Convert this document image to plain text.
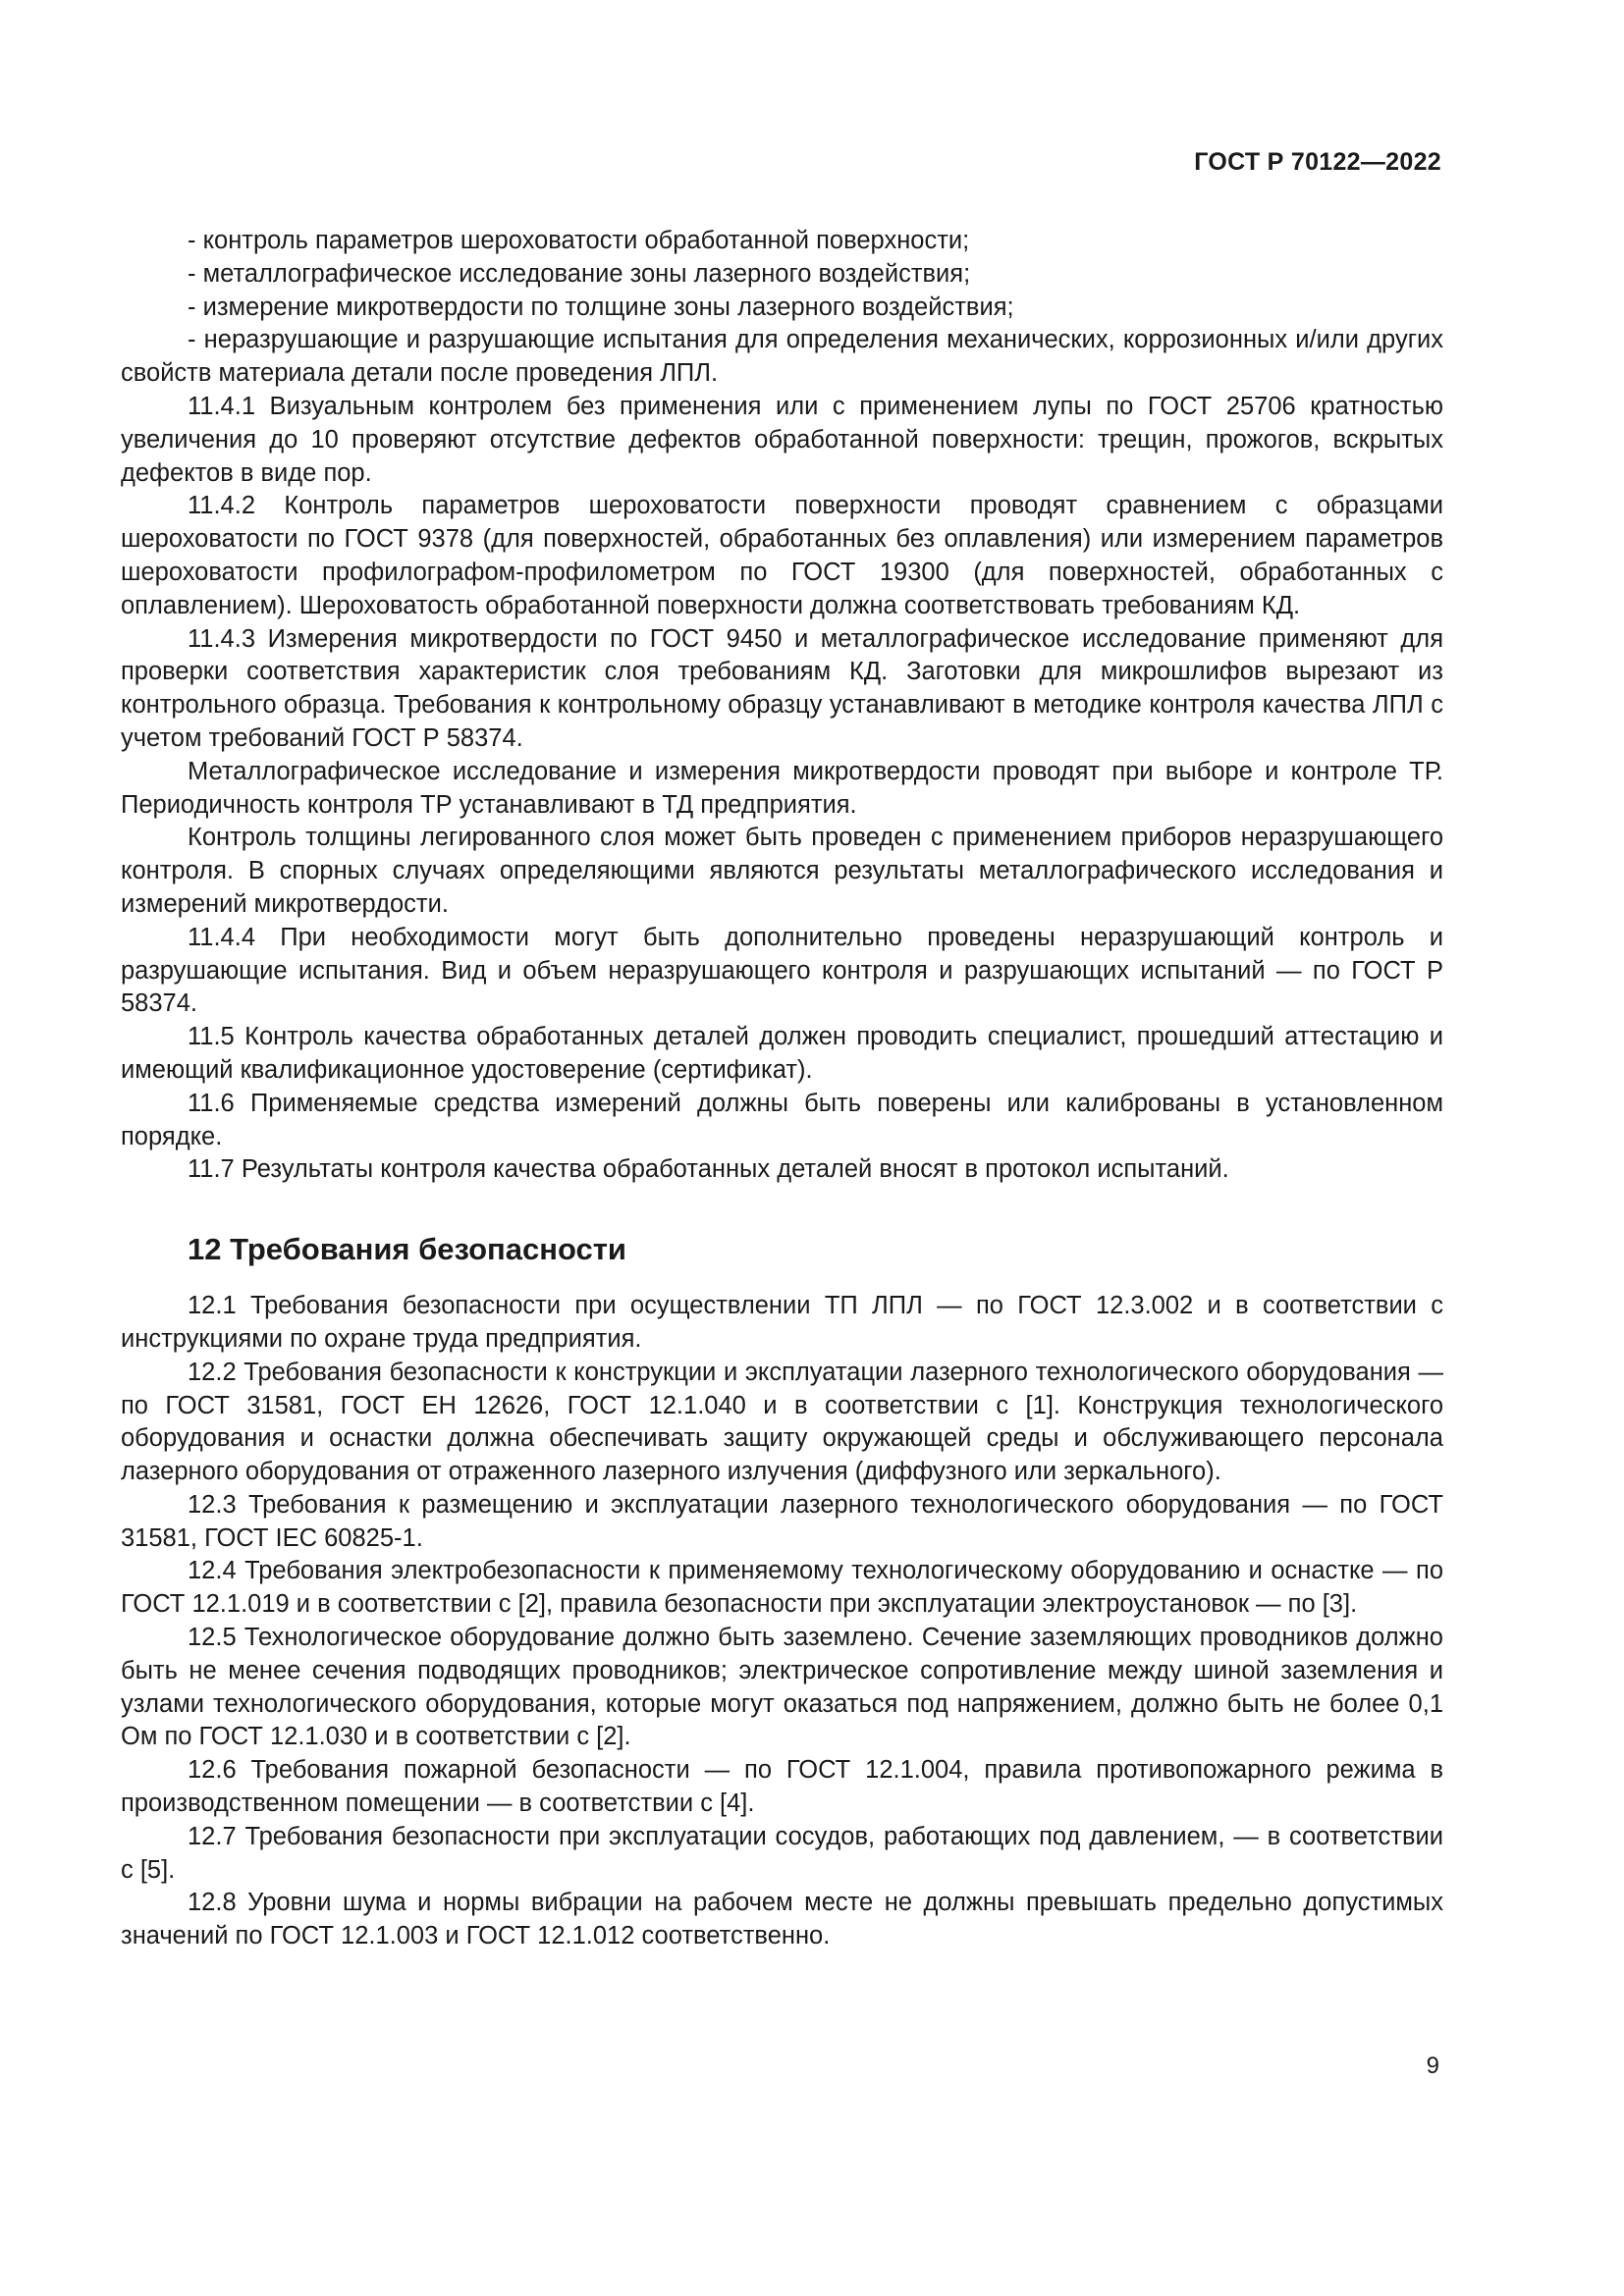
ГОСТ Р 70122—2022

- контроль параметров шероховатости обработанной поверхности;

- металлографическое исследование зоны лазерного воздействия;

- измерение микротвердости по толщине зоны лазерного воздействия;

- неразрушающие и разрушающие испытания для определения механических, коррозионных и/или других свойств материала детали после проведения ЛПЛ.

11.4.1 Визуальным контролем без применения или с применением лупы по ГОСТ 25706 кратностью увеличения до 10 проверяют отсутствие дефектов обработанной поверхности: трещин, прожогов, вскрытых дефектов в виде пор.

11.4.2 Контроль параметров шероховатости поверхности проводят сравнением с образцами шероховатости по ГОСТ 9378 (для поверхностей, обработанных без оплавления) или измерением параметров шероховатости профилографом-профилометром по ГОСТ 19300 (для поверхностей, обработанных с оплавлением). Шероховатость обработанной поверхности должна соответствовать требованиям КД.

11.4.3 Измерения микротвердости по ГОСТ 9450 и металлографическое исследование применяют для проверки соответствия характеристик слоя требованиям КД. Заготовки для микрошлифов вырезают из контрольного образца. Требования к контрольному образцу устанавливают в методике контроля качества ЛПЛ с учетом требований ГОСТ Р 58374.

Металлографическое исследование и измерения микротвердости проводят при выборе и контроле ТР. Периодичность контроля ТР устанавливают в ТД предприятия.

Контроль толщины легированного слоя может быть проведен с применением приборов неразрушающего контроля. В спорных случаях определяющими являются результаты металлографического исследования и измерений микротвердости.

11.4.4 При необходимости могут быть дополнительно проведены неразрушающий контроль и разрушающие испытания. Вид и объем неразрушающего контроля и разрушающих испытаний — по ГОСТ Р 58374.

11.5 Контроль качества обработанных деталей должен проводить специалист, прошедший аттестацию и имеющий квалификационное удостоверение (сертификат).

11.6 Применяемые средства измерений должны быть поверены или калиброваны в установленном порядке.

11.7 Результаты контроля качества обработанных деталей вносят в протокол испытаний.

12 Требования безопасности

12.1 Требования безопасности при осуществлении ТП ЛПЛ — по ГОСТ 12.3.002 и в соответствии с инструкциями по охране труда предприятия.

12.2 Требования безопасности к конструкции и эксплуатации лазерного технологического оборудования — по ГОСТ 31581, ГОСТ ЕН 12626, ГОСТ 12.1.040 и в соответствии с [1]. Конструкция технологического оборудования и оснастки должна обеспечивать защиту окружающей среды и обслуживающего персонала лазерного оборудования от отраженного лазерного излучения (диффузного или зеркального).

12.3 Требования к размещению и эксплуатации лазерного технологического оборудования — по ГОСТ 31581, ГОСТ IEC 60825-1.

12.4 Требования электробезопасности к применяемому технологическому оборудованию и оснастке — по ГОСТ 12.1.019 и в соответствии с [2], правила безопасности при эксплуатации электроустановок — по [3].

12.5 Технологическое оборудование должно быть заземлено. Сечение заземляющих проводников должно быть не менее сечения подводящих проводников; электрическое сопротивление между шиной заземления и узлами технологического оборудования, которые могут оказаться под напряжением, должно быть не более 0,1 Ом по ГОСТ 12.1.030 и в соответствии с [2].

12.6 Требования пожарной безопасности — по ГОСТ 12.1.004, правила противопожарного режима в производственном помещении — в соответствии с [4].

12.7 Требования безопасности при эксплуатации сосудов, работающих под давлением, — в соответствии с [5].

12.8 Уровни шума и нормы вибрации на рабочем месте не должны превышать предельно допустимых значений по ГОСТ 12.1.003 и ГОСТ 12.1.012 соответственно.

9
